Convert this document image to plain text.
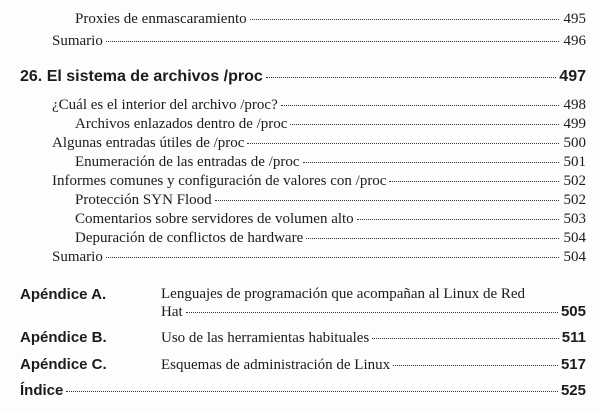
Proxies de enmascaramiento	495
Sumario	496
26. El sistema de archivos /proc	497
¿Cuál es el interior del archivo /proc?	498
Archivos enlazados dentro de /proc	499
Algunas entradas útiles de /proc	500
Enumeración de las entradas de /proc	501
Informes comunes y configuración de valores con /proc	502
Protección SYN Flood	502
Comentarios sobre servidores de volumen alto	503
Depuración de conflictos de hardware	504
Sumario	504
Apéndice A.	Lenguajes de programación que acompañan al Linux de Red
Hat	505
Apéndice B.	Uso de las herramientas habituales	511
Apéndice C.	Esquemas de administración de Linux	517
Índice	525
